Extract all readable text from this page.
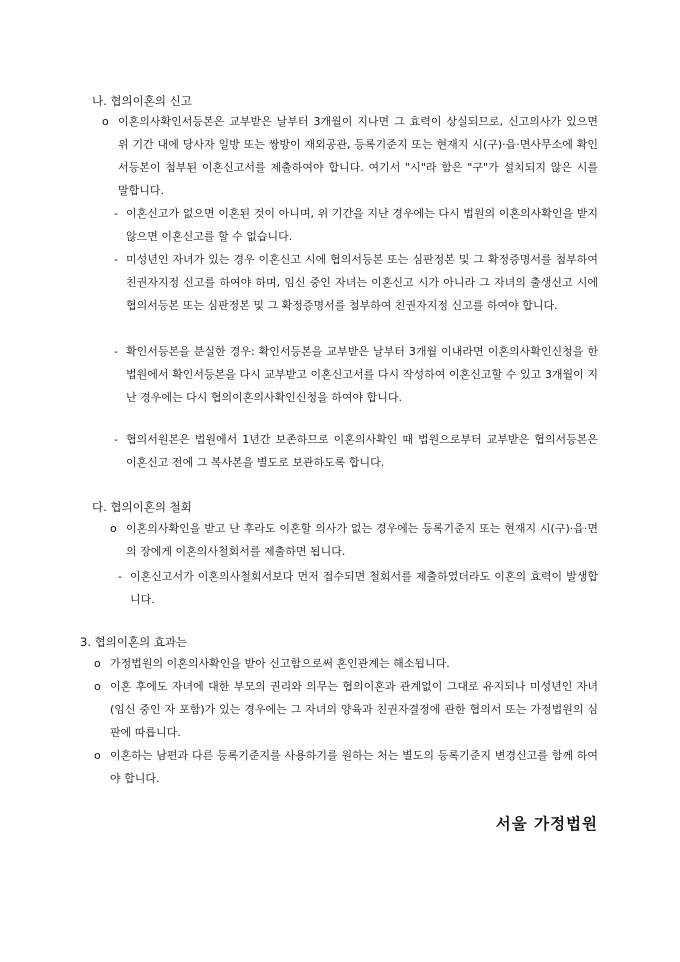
나. 협의이혼의 신고
o 이혼의사확인서등본은 교부받은 날부터 3개월이 지나면 그 효력이 상실되므로, 신고의사가 있으면 위 기간 내에 당사자 일방 또는 쌍방이 재외공관, 등록기준지 또는 현재지 시(구)·읍·면사무소에 확인서등본이 첨부된 이혼신고서를 제출하여야 합니다. 여기서 "시"라 함은 "구"가 설치되지 않은 시를 말합니다.
- 이혼신고가 없으면 이혼된 것이 아니며, 위 기간을 지난 경우에는 다시 법원의 이혼의사확인을 받지 않으면 이혼신고를 할 수 없습니다.
- 미성년인 자녀가 있는 경우 이혼신고 시에 협의서등본 또는 심판정본 및 그 확정증명서를 첨부하여 친권자지정 신고를 하여야 하며, 임신 중인 자녀는 이혼신고 시가 아니라 그 자녀의 출생신고 시에 협의서등본 또는 심판정본 및 그 확정증명서를 첨부하여 친권자지정 신고를 하여야 합니다.
- 확인서등본을 분실한 경우: 확인서등본을 교부받은 날부터 3개월 이내라면 이혼의사확인신청을 한 법원에서 확인서등본을 다시 교부받고 이혼신고서를 다시 작성하여 이혼신고할 수 있고 3개월이 지난 경우에는 다시 협의이혼의사확인신청을 하여야 합니다.
- 협의서원본은 법원에서 1년간 보존하므로 이혼의사확인 때 법원으로부터 교부받은 협의서등본은 이혼신고 전에 그 복사본을 별도로 보관하도록 합니다.
다. 협의이혼의 철회
o 이혼의사확인을 받고 난 후라도 이혼할 의사가 없는 경우에는 등록기준지 또는 현재지 시(구)·읍·면의 장에게 이혼의사철회서를 제출하면 됩니다.
- 이혼신고서가 이혼의사철회서보다 먼저 접수되면 철회서를 제출하였더라도 이혼의 효력이 발생합니다.
3. 협의이혼의 효과는
o 가정법원의 이혼의사확인을 받아 신고함으로써 혼인관계는 해소됩니다.
o 이혼 후에도 자녀에 대한 부모의 권리와 의무는 협의이혼과 관계없이 그대로 유지되나 미성년인 자녀(임신 중인 자 포함)가 있는 경우에는 그 자녀의 양육과 친권자결정에 관한 협의서 또는 가정법원의 심판에 따릅니다.
o 이혼하는 남편과 다른 등록기준지를 사용하기를 원하는 처는 별도의 등록기준지 변경신고를 함께 하여야 합니다.
서울 가정법원
